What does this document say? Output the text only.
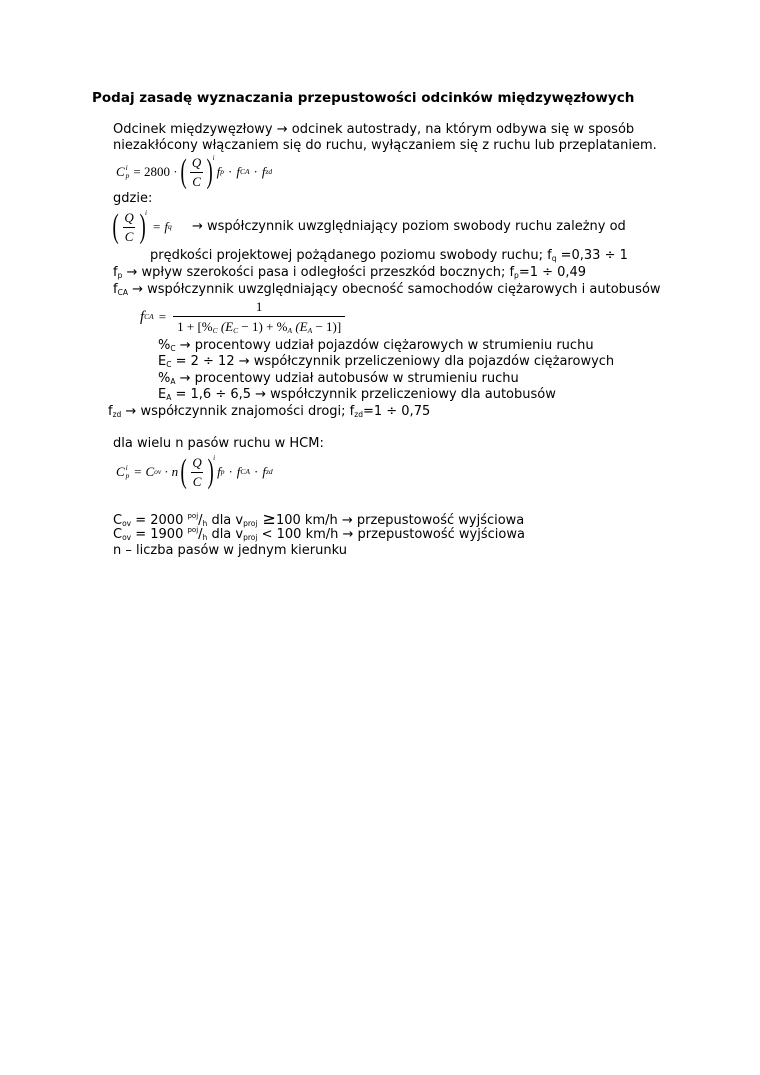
Podaj zasadę wyznaczania przepustowości odcinków międzywęzłowych
Odcinek międzywęzłowy → odcinek autostrady, na którym odbywa się w sposób
niezakłócony włączaniem się do ruchu, wyłączaniem się z ruchu lub przeplataniem.
C i
p = 2800 · ( $\frac{Q}{C}$ ) i
f p · f CA · f zd
gdzie:
( $\frac{Q}{C}$ ) i
= f q → współczynnik uwzględniający poziom swobody ruchu zależny od
prędkości projektowej pożądanego poziomu swobody ruchu; $f_q =0,33 \div 1$
$f_p$ → wpływ szerokości pasa i odległości przeszkód bocznych; $f_p=1 \div 0,49$
$f_{CA}$ → współczynnik uwzględniający obecność samochodów ciężarowych i autobusów
f CA = $\frac{1}{1 + [\%_C (E_C - 1) + \%_A (E_A - 1)]}$
$\%_C$ → procentowy udział pojazdów ciężarowych w strumieniu ruchu
$E_C = 2 \div 12$ → współczynnik przeliczeniowy dla pojazdów ciężarowych
$\%_A$ → procentowy udział autobusów w strumieniu ruchu
$E_A = 1,6 \div 6,5$ → współczynnik przeliczeniowy dla autobusów
$f_{zd}$ → współczynnik znajomości drogi; $f_{zd}=1 \div 0,75$
dla wielu n pasów ruchu w HCM:
C i
p = C ov · n ( $\frac{Q}{C}$ ) i
f p · f CA · f zd
$C_{ov} = 2000$ $^{poj}/_h$ dla $v_{proj} \ge 100$ km/h → przepustowość wyjściowa
$C_{ov} = 1900$ $^{poj}/_h$ dla $v_{proj} < 100$ km/h → przepustowość wyjściowa
n – liczba pasów w jednym kierunku
